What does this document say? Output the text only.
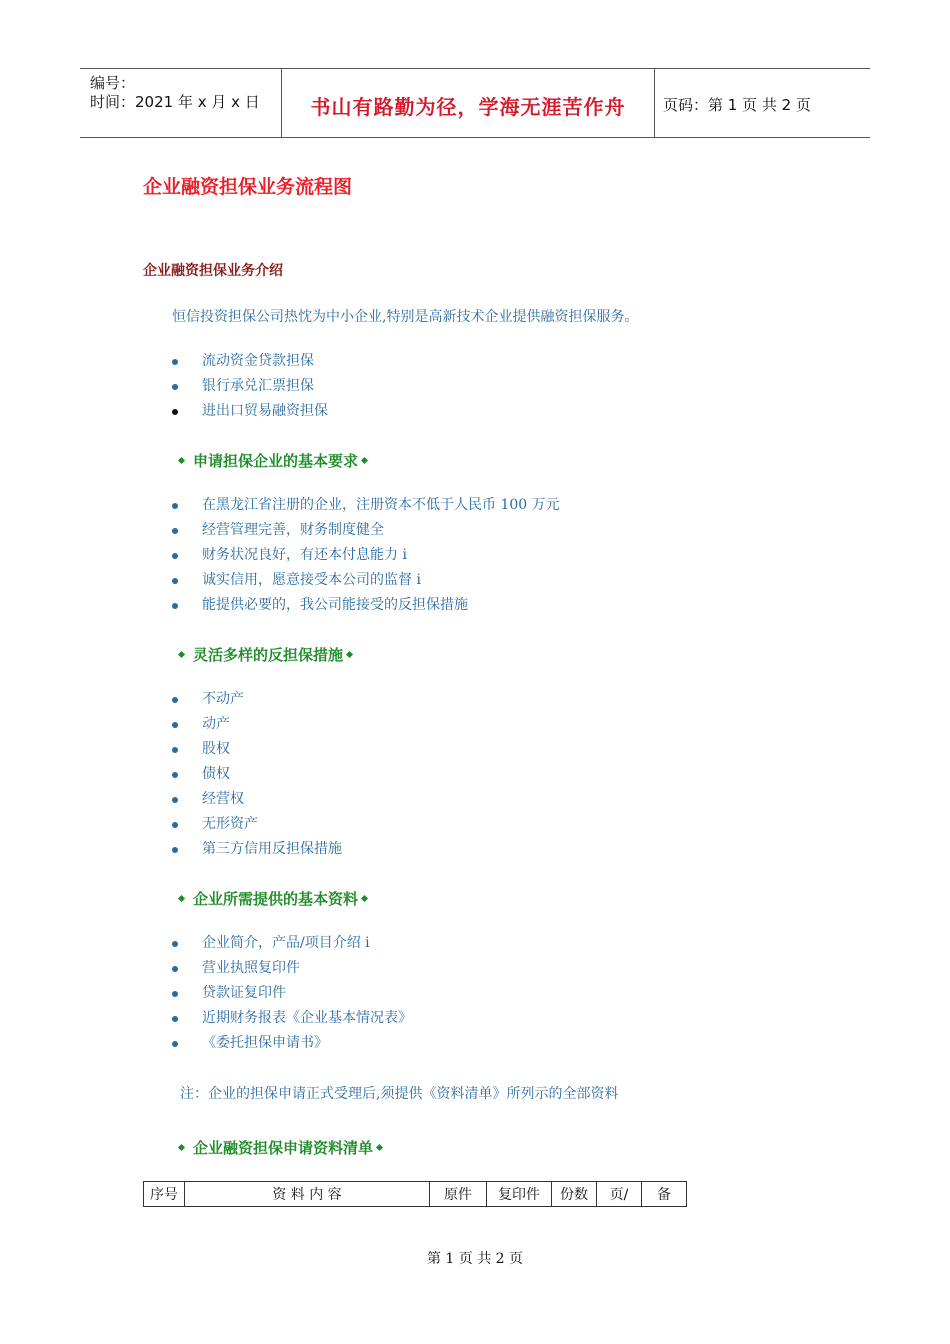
编号：
时间：2021 年 x 月 x 日	书山有路勤为径，学海无涯苦作舟	页码：第 1 页 共 2 页
企业融资担保业务流程图
企业融资担保业务介绍
恒信投资担保公司热忱为中小企业,特别是高新技术企业提供融资担保服务。
流动资金贷款担保
银行承兑汇票担保
进出口贸易融资担保
申请担保企业的基本要求
在黑龙江省注册的企业，注册资本不低于人民币 100 万元
经营管理完善，财务制度健全
财务状况良好，有还本付息能力 i
诚实信用，愿意接受本公司的监督 i
能提供必要的，我公司能接受的反担保措施
灵活多样的反担保措施
不动产
动产
股权
债权
经营权
无形资产
第三方信用反担保措施
企业所需提供的基本资料
企业简介，产品/项目介绍 i
营业执照复印件
贷款证复印件
近期财务报表《企业基本情况表》
《委托担保申请书》
注：企业的担保申请正式受理后,须提供《资料清单》所列示的全部资料
企业融资担保申请资料清单
序号	资 料 内 容	原件	复印件	份数	页/	备
第 1 页 共 2 页
